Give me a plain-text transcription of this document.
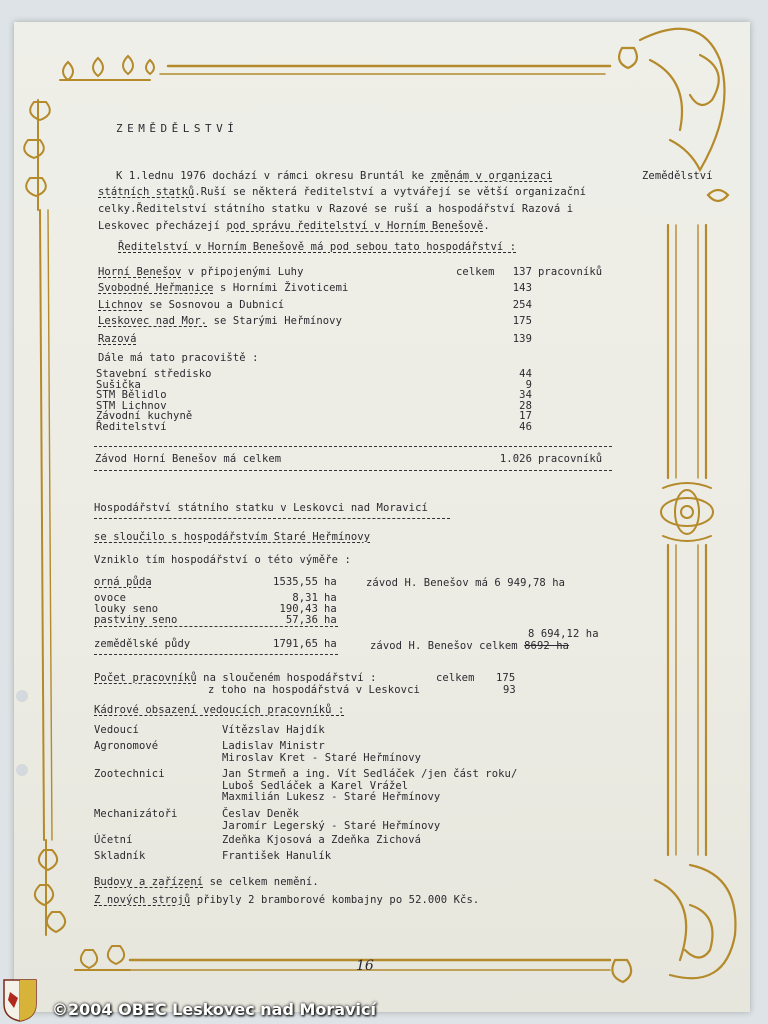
ZEMĚDĚLSTVÍ
Zemědělství
K 1.lednu 1976 dochází v rámci okresu Bruntál ke změnám v organizaci
státních statků.Ruší se některá ředitelství a vytvářejí se větší organizační
celky.Ředitelství státního statku v Razové se ruší a hospodářství Razová i
Leskovec přecházejí pod správu ředitelství v Horním Benešově.
Ředitelství v Horním Benešově má pod sebou tato hospodářství :
Horní Benešov v připojenými Luhy	celkem	137 pracovníků
Svobodné Heřmanice s Horními Životicemi	143
Lichnov se Sosnovou a Dubnicí	254
Leskovec nad Mor. se Starými Heřmínovy	175
Razová	139
Dále má tato pracoviště :
Stavební středisko	44
Sušička	9
STM Bělidlo	34
STM Lichnov	28
Závodní kuchyně	17
Ředitelství	46
Závod Horní Benešov má celkem	1.026 pracovníků
Hospodářství státního statku v Leskovci nad Moravicí
se sloučilo s hospodářstvím Staré Heřmínovy
Vzniklo tím hospodářství o této výměře :
orná půda	1535,55 ha
ovoce	8,31 ha
louky seno	190,43 ha
pastviny seno	57,36 ha
zemědělské půdy	1791,65 ha
závod H. Benešov má 6 949,78 ha
8 694,12 ha
závod H. Benešov celkem 8692 ha
Počet pracovníků na sloučeném hospodářství :	celkem 175
z toho na hospodářstvá v Leskovci	93
Kádrové obsazení vedoucích pracovníků :
Vedoucí	Vítězslav Hajdík
Agronomové	Ladislav Ministr
Miroslav Kret - Staré Heřmínovy
Zootechnici	Jan Strmeň a ing. Vít Sedláček /jen část roku/
Luboš Sedláček a Karel Vrážel
Maxmilián Lukesz - Staré Heřmínovy
Mechanizátoři	Česlav Deněk
Jaromír Legerský - Staré Heřmínovy
Účetní	Zdeňka Kjosová a Zdeňka Zichová
Skladník	František Hanulík
Budovy a zařízení se celkem nemění.
Z nových strojů přibyly 2 bramborové kombajny po 52.000 Kčs.
16
©2004 OBEC Leskovec nad Moravicí
